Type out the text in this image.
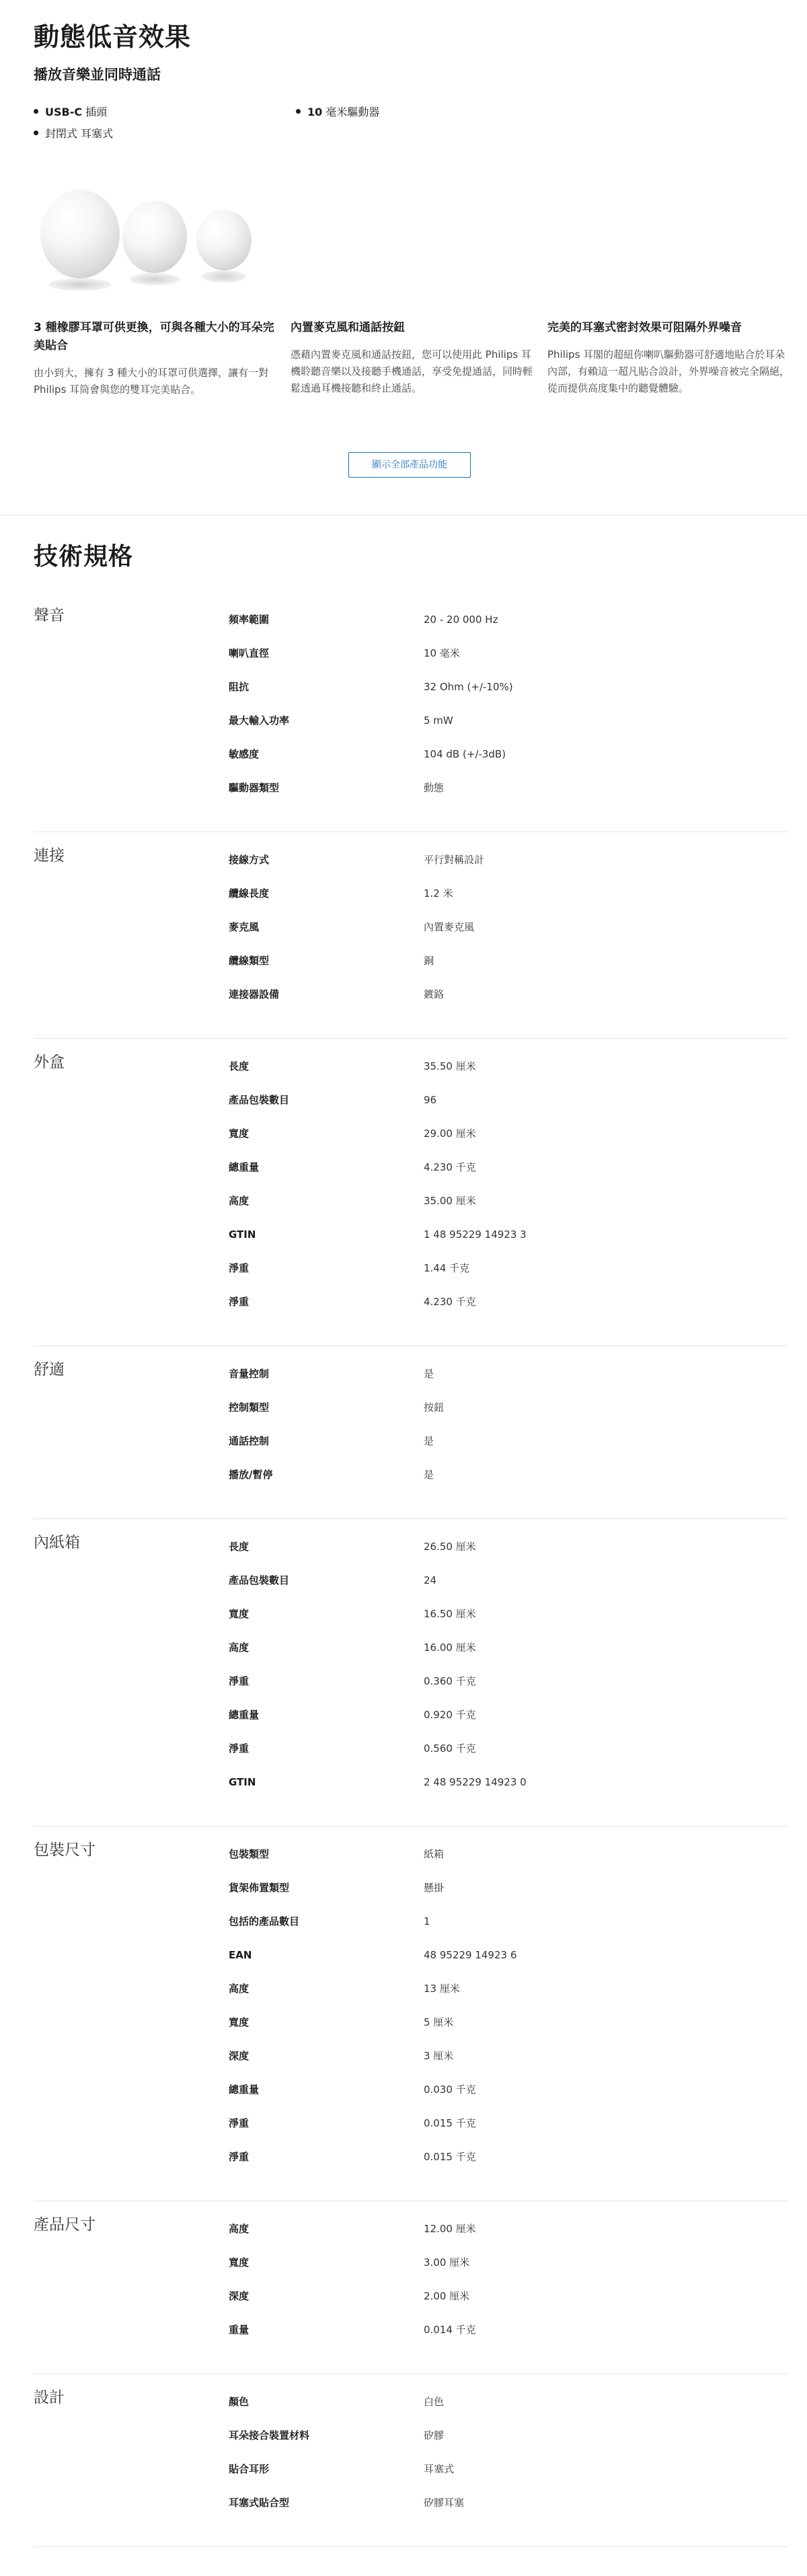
動態低音效果
播放音樂並同時通話
USB-C 插頭	10 毫米驅動器
封閉式 耳塞式
3 種橡膠耳罩可供更換，可與各種大小的耳朵完美貼合

由小到大，擁有 3 種大小的耳罩可供選擇，讓有一對 Philips 耳筒會與您的雙耳完美貼合。

內置麥克風和通話按鈕

憑藉內置麥克風和通話按鈕，您可以使用此 Philips 耳機聆聽音樂以及接聽手機通話，享受免提通話，同時輕鬆透過耳機接聽和終止通話。

完美的耳塞式密封效果可阻隔外界噪音

Philips 耳閣的超紐你喇叭驅動器可舒適地貼合於耳朵內部，有賴這一超凡貼合設計，外界噪音被完全隔絕，從而提供高度集中的聽覺體驗。

顯示全部產品功能
技術規格
聲音	頻率範圍	20 - 20 000 Hz
喇叭直徑	10 毫米
阻抗	32 Ohm (+/-10%)
最大輸入功率	5 mW
敏感度	104 dB (+/-3dB)
驅動器類型	動態
連接	接線方式	平行對稱設計
纜線長度	1.2 米
麥克風	內置麥克風
纜線類型	銅
連接器設備	鍍鉻
外盒	長度	35.50 厘米
產品包裝數目	96
寬度	29.00 厘米
總重量	4.230 千克
高度	35.00 厘米
GTIN	1 48 95229 14923 3
淨重	1.44 千克
淨重	4.230 千克
舒適	音量控制	是
控制類型	按鈕
通話控制	是
播放/暫停	是
內紙箱	長度	26.50 厘米
產品包裝數目	24
寬度	16.50 厘米
高度	16.00 厘米
淨重	0.360 千克
總重量	0.920 千克
淨重	0.560 千克
GTIN	2 48 95229 14923 0
包裝尺寸	包裝類型	紙箱
貨架佈置類型	懸掛
包括的產品數目	1
EAN	48 95229 14923 6
高度	13 厘米
寬度	5 厘米
深度	3 厘米
總重量	0.030 千克
淨重	0.015 千克
淨重	0.015 千克
產品尺寸	高度	12.00 厘米
寬度	3.00 厘米
深度	2.00 厘米
重量	0.014 千克
設計	顏色	白色
耳朵接合裝置材料	矽膠
貼合耳形	耳塞式
耳塞式貼合型	矽膠耳塞
